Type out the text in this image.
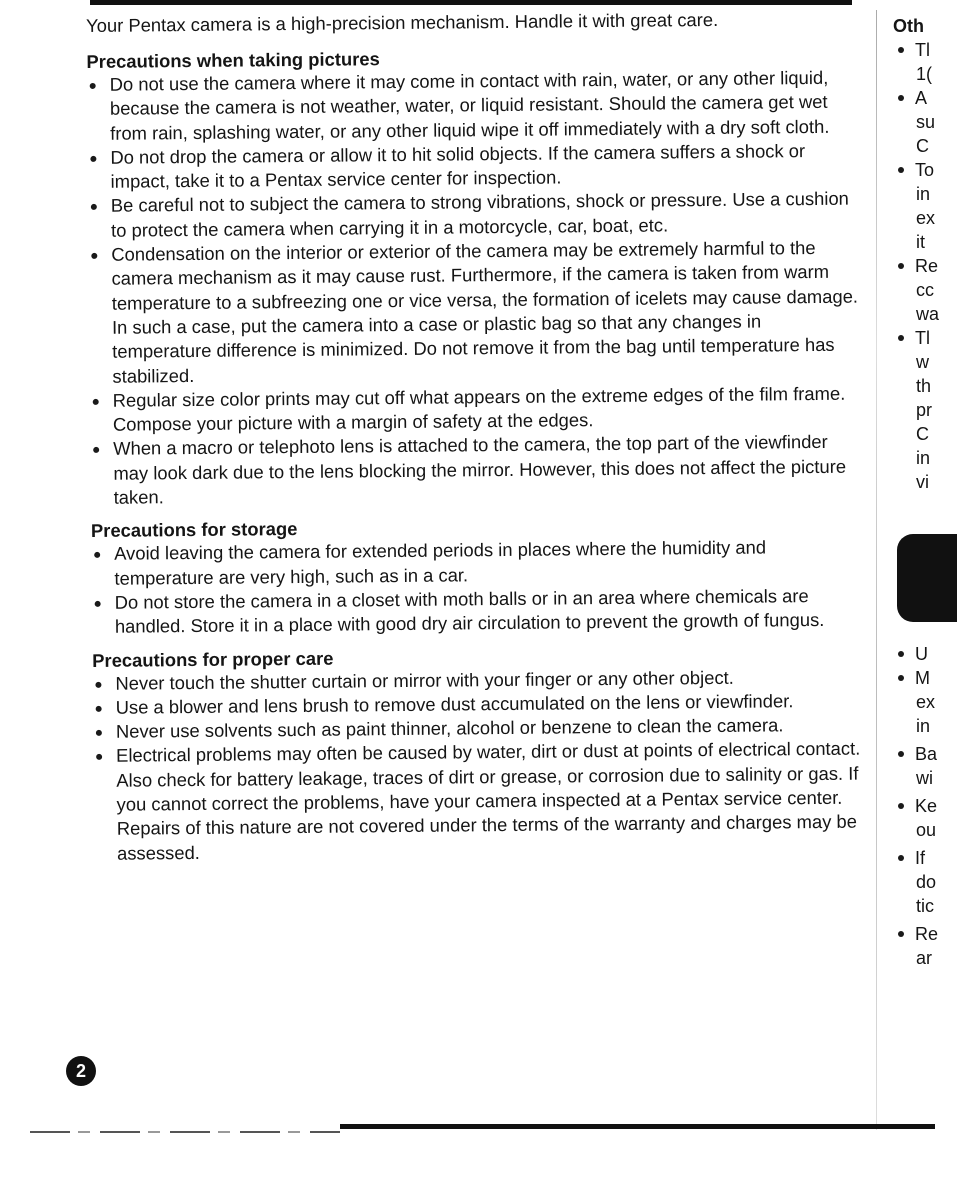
Your Pentax camera is a high-precision mechanism. Handle it with great care.

Precautions when taking pictures
Do not use the camera where it may come in contact with rain, water, or any other liquid, because the camera is not weather, water, or liquid resistant. Should the camera get wet from rain, splashing water, or any other liquid wipe it off immediately with a dry soft cloth.
Do not drop the camera or allow it to hit solid objects. If the camera suffers a shock or impact, take it to a Pentax service center for inspection.
Be careful not to subject the camera to strong vibrations, shock or pressure. Use a cushion to protect the camera when carrying it in a motorcycle, car, boat, etc.
Condensation on the interior or exterior of the camera may be extremely harmful to the camera mechanism as it may cause rust. Furthermore, if the camera is taken from warm temperature to a subfreezing one or vice versa, the formation of icelets may cause damage. In such a case, put the camera into a case or plastic bag so that any changes in temperature difference is minimized. Do not remove it from the bag until temperature has stabilized.
Regular size color prints may cut off what appears on the extreme edges of the film frame. Compose your picture with a margin of safety at the edges.
When a macro or telephoto lens is attached to the camera, the top part of the viewfinder may look dark due to the lens blocking the mirror. However, this does not affect the picture taken.
Precautions for storage
Avoid leaving the camera for extended periods in places where the humidity and temperature are very high, such as in a car.
Do not store the camera in a closet with moth balls or in an area where chemicals are handled. Store it in a place with good dry air circulation to prevent the growth of fungus.
Precautions for proper care
Never touch the shutter curtain or mirror with your finger or any other object.
Use a blower and lens brush to remove dust accumulated on the lens or viewfinder.
Never use solvents such as paint thinner, alcohol or benzene to clean the camera.
Electrical problems may often be caused by water, dirt or dust at points of electrical contact. Also check for battery leakage, traces of dirt or grease, or corrosion due to salinity or gas. If you cannot correct the problems, have your camera inspected at a Pentax service center. Repairs of this nature are not covered under the terms of the warranty and charges may be assessed.
2
Oth
Tl
1(
A
su
C
To
in
ex
it
Re
cc
wa
Tl
w
th
pr
C
in
vi
U
M
ex
in
Ba
wi
Ke
ou
If
do
tic
Re
ar
